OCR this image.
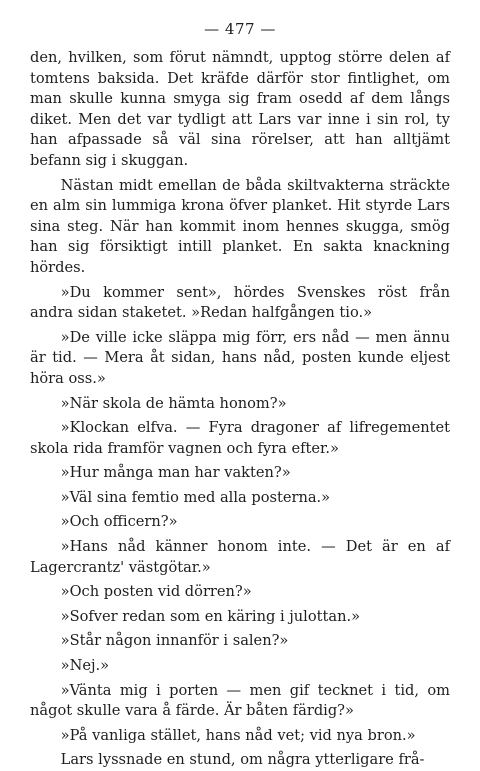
— 477 —

den, hvilken, som förut nämndt, upptog större delen af tomtens baksida. Det kräfde därför stor fintlighet, om man skulle kunna smyga sig fram osedd af dem långs diket. Men det var tydligt att Lars var inne i sin rol, ty han afpassade så väl sina rörelser, att han alltjämt befann sig i skuggan.

Nästan midt emellan de båda skiltvakterna sträckte en alm sin lummiga krona öfver planket. Hit styrde Lars sina steg. När han kommit inom hennes skugga, smög han sig försiktigt intill planket. En sakta knackning hördes.

»Du kommer sent», hördes Svenskes röst från andra sidan staketet. »Redan halfgången tio.»

»De ville icke släppa mig förr, ers nåd — men ännu är tid. — Mera åt sidan, hans nåd, posten kunde eljest höra oss.»

»När skola de hämta honom?»

»Klockan elfva. — Fyra dragoner af lifregementet skola rida framför vagnen och fyra efter.»

»Hur många man har vakten?»

»Väl sina femtio med alla posterna.»

»Och officern?»

»Hans nåd känner honom inte. — Det är en af Lagercrantz' västgötar.»

»Och posten vid dörren?»

»Sofver redan som en käring i julottan.»

»Står någon innanför i salen?»

»Nej.»

»Vänta mig i porten — men gif tecknet i tid, om något skulle vara å färde. Är båten färdig?»

»På vanliga stället, hans nåd vet; vid nya bron.»

Lars lyssnade en stund, om några ytterligare frå-
